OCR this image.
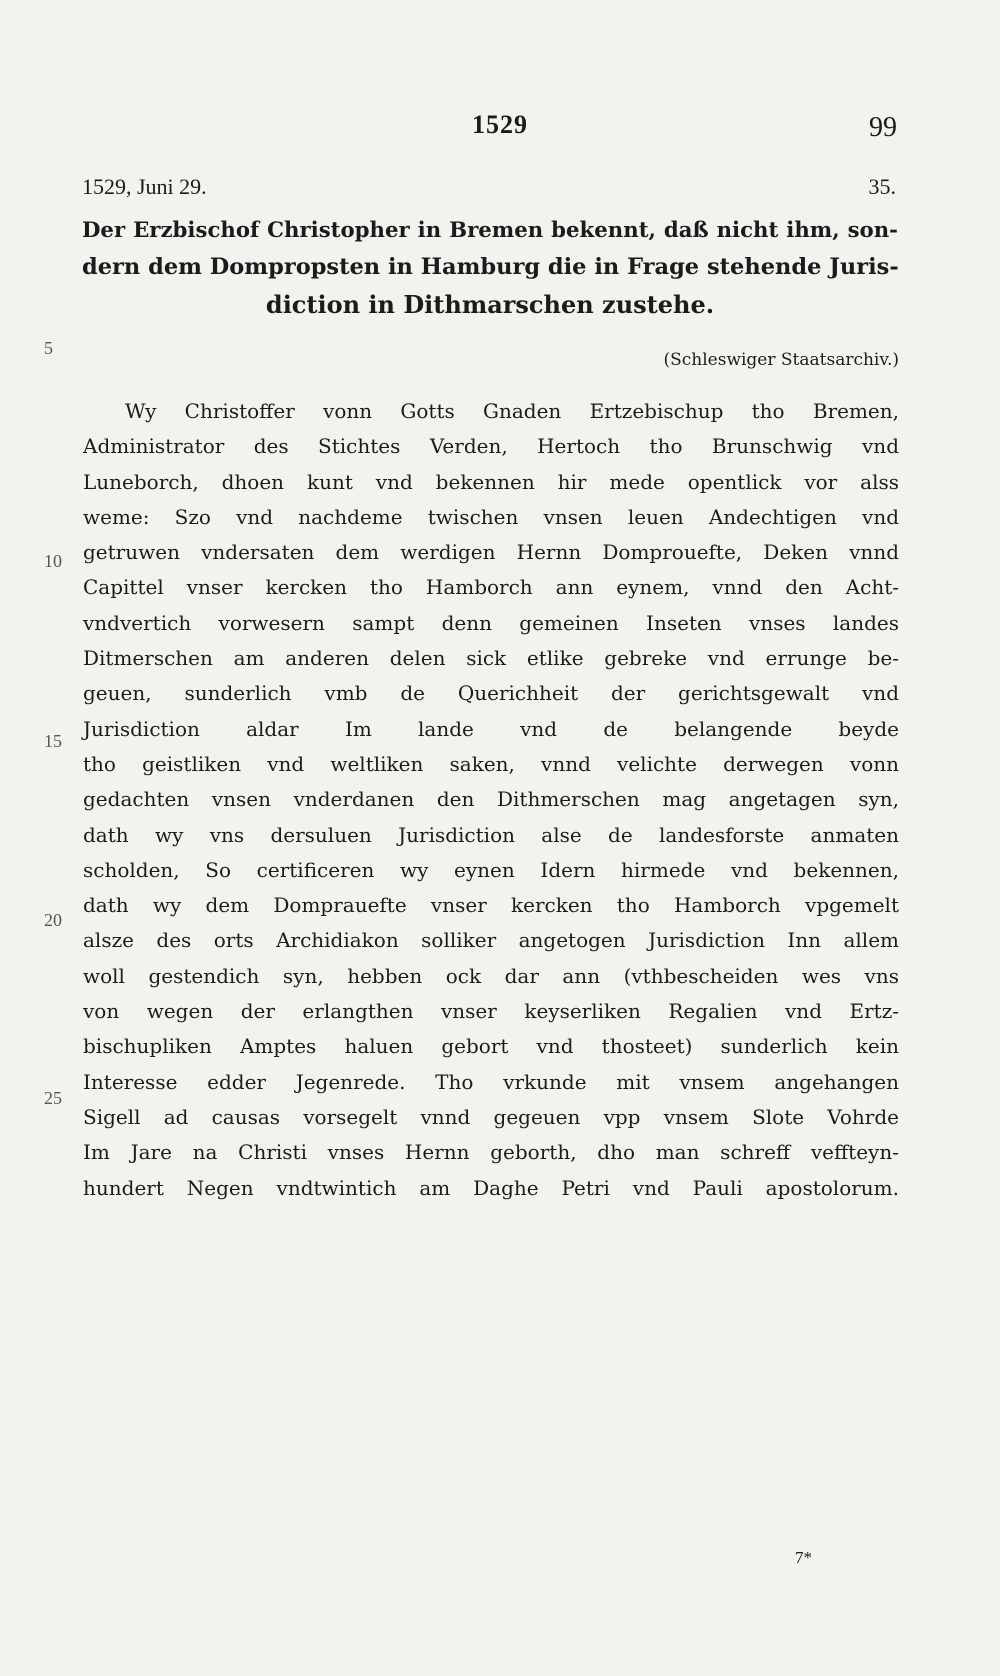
1529	99
1529, Juni 29.	35.
Der Erzbischof Christopher in Bremen bekennt, daß nicht ihm, son-
dern dem Dompropsten in Hamburg die in Frage stehende Juris-
diction in Dithmarschen zustehe.
(Schleswiger Staatsarchiv.)
5
10
15
20
25
Wy Christoffer vonn Gotts Gnaden Ertzebischup tho Bremen,
Administrator des Stichtes Verden, Hertoch tho Brunschwig vnd
Luneborch, dhoen kunt vnd bekennen hir mede opentlick vor alss
weme: Szo vnd nachdeme twischen vnsen leuen Andechtigen vnd
getruwen vndersaten dem werdigen Hernn Domprouefte, Deken vnnd
Capittel vnser kercken tho Hamborch ann eynem, vnnd den Acht-
vndvertich vorwesern sampt denn gemeinen Inseten vnses landes
Ditmerschen am anderen delen sick etlike gebreke vnd errunge be-
geuen, sunderlich vmb de Querichheit der gerichtsgewalt vnd
Jurisdiction aldar Im lande vnd de belangende beyde
tho geistliken vnd weltliken saken, vnnd velichte derwegen vonn
gedachten vnsen vnderdanen den Dithmerschen mag angetagen syn,
dath wy vns dersuluen Jurisdiction alse de landesforste anmaten
scholden, So certificeren wy eynen Idern hirmede vnd bekennen,
dath wy dem Domprauefte vnser kercken tho Hamborch vpgemelt
alsze des orts Archidiakon solliker angetogen Jurisdiction Inn allem
woll gestendich syn, hebben ock dar ann (vthbescheiden wes vns
von wegen der erlangthen vnser keyserliken Regalien vnd Ertz-
bischupliken Amptes haluen gebort vnd thosteet) sunderlich kein
Interesse edder Jegenrede. Tho vrkunde mit vnsem angehangen
Sigell ad causas vorsegelt vnnd gegeuen vpp vnsem Slote Vohrde
Im Jare na Christi vnses Hernn geborth, dho man schreff veffteyn-
hundert Negen vndtwintich am Daghe Petri vnd Pauli apostolorum.
7*
